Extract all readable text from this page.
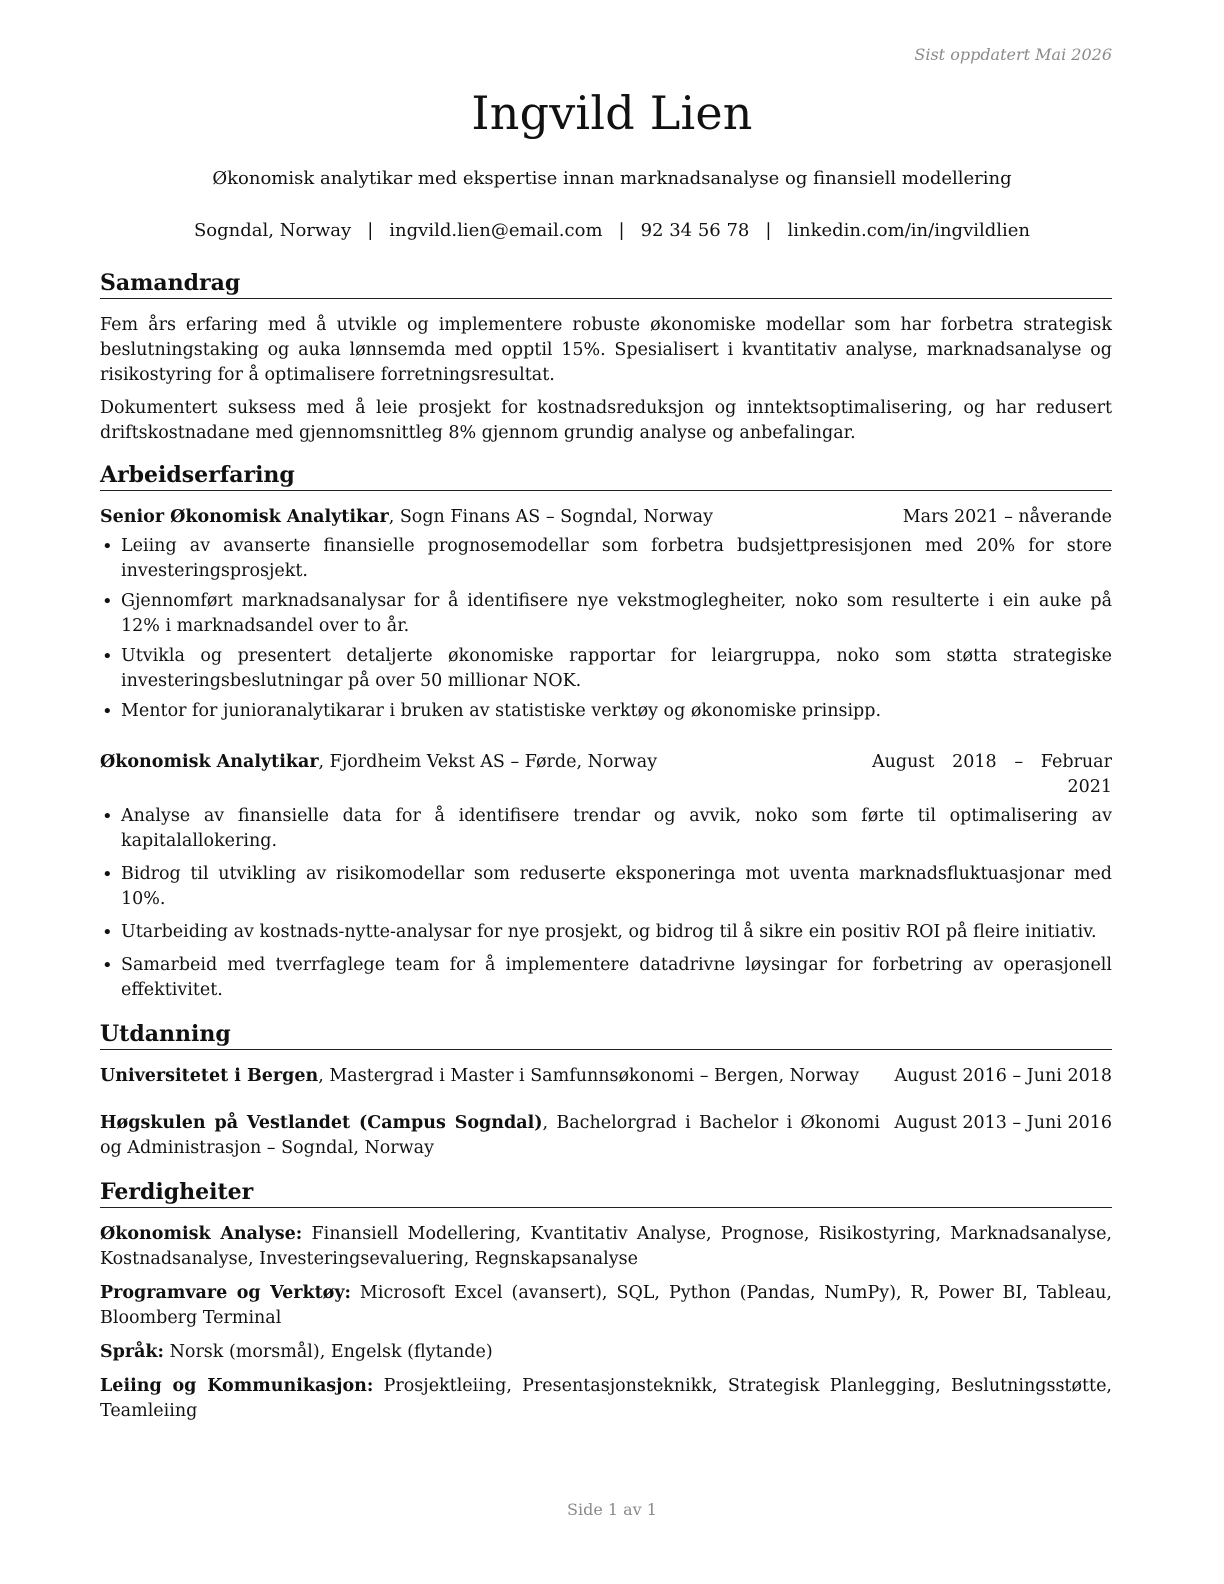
Sist oppdatert Mai 2026
Ingvild Lien
Økonomisk analytikar med ekspertise innan marknadsanalyse og finansiell modellering
Sogndal, Norway | ingvild.lien@email.com | 92 34 56 78 | linkedin.com/in/ingvildlien
Samandrag

Fem års erfaring med å utvikle og implementere robuste økonomiske modellar som har forbetra strategisk beslutningstaking og auka lønnsemda med opptil 15%. Spesialisert i kvantitativ analyse, marknadsanalyse og risikostyring for å optimalisere forretningsresultat.

Dokumentert suksess med å leie prosjekt for kostnadsreduksjon og inntektsoptimalisering, og har redusert driftskostnadane med gjennomsnittleg 8% gjennom grundig analyse og anbefalingar.

Arbeidserfaring
Senior Økonomisk Analytikar, Sogn Finans AS – Sogndal, Norway	Mars 2021 – nåverande
• Leiing av avanserte finansielle prognosemodellar som forbetra budsjettpresisjonen med 20% for store investeringsprosjekt.
• Gjennomført marknadsanalysar for å identifisere nye vekstmoglegheiter, noko som resulterte i ein auke på 12% i marknadsandel over to år.
• Utvikla og presentert detaljerte økonomiske rapportar for leiargruppa, noko som støtta strategiske investeringsbeslutningar på over 50 millionar NOK.
• Mentor for junioranalytikarar i bruken av statistiske verktøy og økonomiske prinsipp.
Økonomisk Analytikar, Fjordheim Vekst AS – Førde, Norway	August 2018 – Februar 2021
• Analyse av finansielle data for å identifisere trendar og avvik, noko som førte til optimalisering av kapitalallokering.
• Bidrog til utvikling av risikomodellar som reduserte eksponeringa mot uventa marknadsfluktuasjonar med 10%.
• Utarbeiding av kostnads-nytte-analysar for nye prosjekt, og bidrog til å sikre ein positiv ROI på fleire initiativ.
• Samarbeid med tverrfaglege team for å implementere datadrivne løysingar for forbetring av operasjonell effektivitet.
Utdanning
Universitetet i Bergen, Mastergrad i Master i Samfunnsøkonomi – Bergen, Norway	August 2016 – Juni 2018
Høgskulen på Vestlandet (Campus Sogndal), Bachelorgrad i Bachelor i Økonomi og Administrasjon – Sogndal, Norway
August 2013 – Juni 2016
Ferdigheiter
Økonomisk Analyse: Finansiell Modellering, Kvantitativ Analyse, Prognose, Risikostyring, Marknadsanalyse, Kostnadsanalyse, Investeringsevaluering, Regnskapsanalyse
Programvare og Verktøy: Microsoft Excel (avansert), SQL, Python (Pandas, NumPy), R, Power BI, Tableau, Bloomberg Terminal
Språk: Norsk (morsmål), Engelsk (flytande)
Leiing og Kommunikasjon: Prosjektleiing, Presentasjonsteknikk, Strategisk Planlegging, Beslutningsstøtte, Teamleiing
Side 1 av 1
